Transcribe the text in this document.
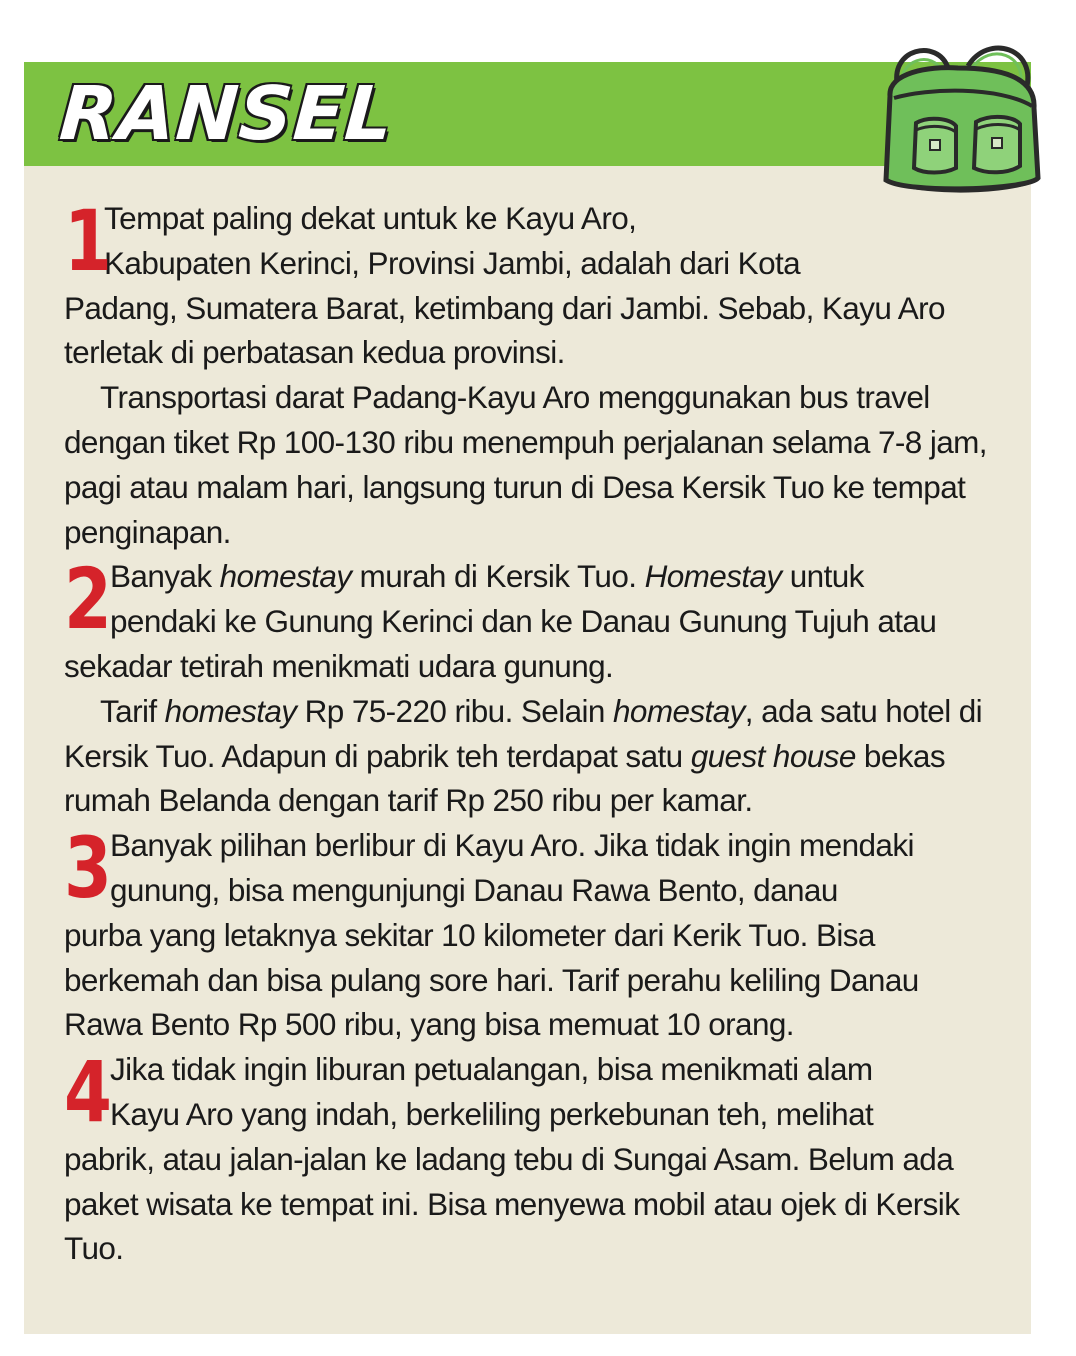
RANSEL
1
Tempat paling dekat untuk ke Kayu Aro,
Kabupaten Kerinci, Provinsi Jambi, adalah dari Kota

Padang, Sumatera Barat, ketimbang dari Jambi. Sebab, Kayu Aro terletak di perbatasan kedua provinsi.

Transportasi darat Padang-Kayu Aro menggunakan bus travel dengan tiket Rp 100-130 ribu menempuh perjalanan selama 7-8 jam, pagi atau malam hari, langsung turun di Desa Kersik Tuo ke tempat penginapan.

2 Banyak homestay murah di Kersik Tuo. Homestay untuk
pendaki ke Gunung Kerinci dan ke Danau Gunung Tujuh atau

sekadar tetirah menikmati udara gunung.

Tarif homestay Rp 75-220 ribu. Selain homestay, ada satu hotel di Kersik Tuo. Adapun di pabrik teh terdapat satu guest house bekas rumah Belanda dengan tarif Rp 250 ribu per kamar.

3 Banyak pilihan berlibur di Kayu Aro. Jika tidak ingin mendaki
gunung, bisa mengunjungi Danau Rawa Bento, danau

purba yang letaknya sekitar 10 kilometer dari Kerik Tuo. Bisa berkemah dan bisa pulang sore hari. Tarif perahu keliling Danau Rawa Bento Rp 500 ribu, yang bisa memuat 10 orang.

4 Jika tidak ingin liburan petualangan, bisa menikmati alam
Kayu Aro yang indah, berkeliling perkebunan teh, melihat

pabrik, atau jalan-jalan ke ladang tebu di Sungai Asam. Belum ada paket wisata ke tempat ini. Bisa menyewa mobil atau ojek di Kersik Tuo.
